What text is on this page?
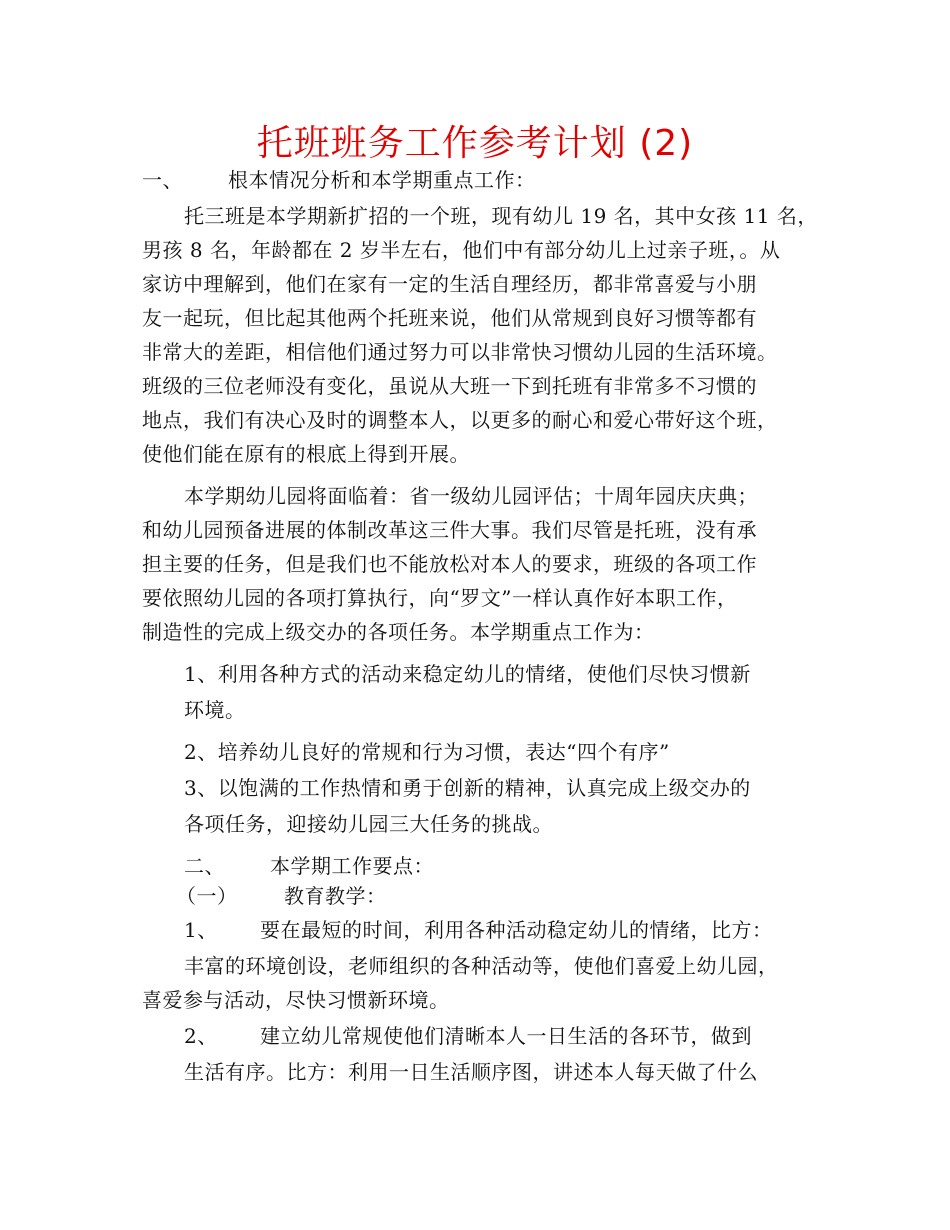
托班班务工作参考计划 (2)
一、 根本情况分析和本学期重点工作：
托三班是本学期新扩招的一个班，现有幼儿 19 名，其中女孩 11 名，
男孩 8 名，年龄都在 2 岁半左右，他们中有部分幼儿上过亲子班，。从
家访中理解到，他们在家有一定的生活自理经历，都非常喜爱与小朋
友一起玩，但比起其他两个托班来说，他们从常规到良好习惯等都有
非常大的差距，相信他们通过努力可以非常快习惯幼儿园的生活环境。
班级的三位老师没有变化，虽说从大班一下到托班有非常多不习惯的
地点，我们有决心及时的调整本人，以更多的耐心和爱心带好这个班，
使他们能在原有的根底上得到开展。
本学期幼儿园将面临着：省一级幼儿园评估；十周年园庆庆典；
和幼儿园预备进展的体制改革这三件大事。我们尽管是托班，没有承
担主要的任务，但是我们也不能放松对本人的要求，班级的各项工作
要依照幼儿园的各项打算执行，向“罗文”一样认真作好本职工作，
制造性的完成上级交办的各项任务。本学期重点工作为：
1、利用各种方式的活动来稳定幼儿的情绪，使他们尽快习惯新
环境。
2、培养幼儿良好的常规和行为习惯，表达“四个有序”
3、以饱满的工作热情和勇于创新的精神，认真完成上级交办的
各项任务，迎接幼儿园三大任务的挑战。
二、 本学期工作要点：
（一） 教育教学：
1、 要在最短的时间，利用各种活动稳定幼儿的情绪，比方：
丰富的环境创设，老师组织的各种活动等，使他们喜爱上幼儿园，
喜爱参与活动，尽快习惯新环境。
2、 建立幼儿常规使他们清晰本人一日生活的各环节，做到
生活有序。比方：利用一日生活顺序图，讲述本人每天做了什么
